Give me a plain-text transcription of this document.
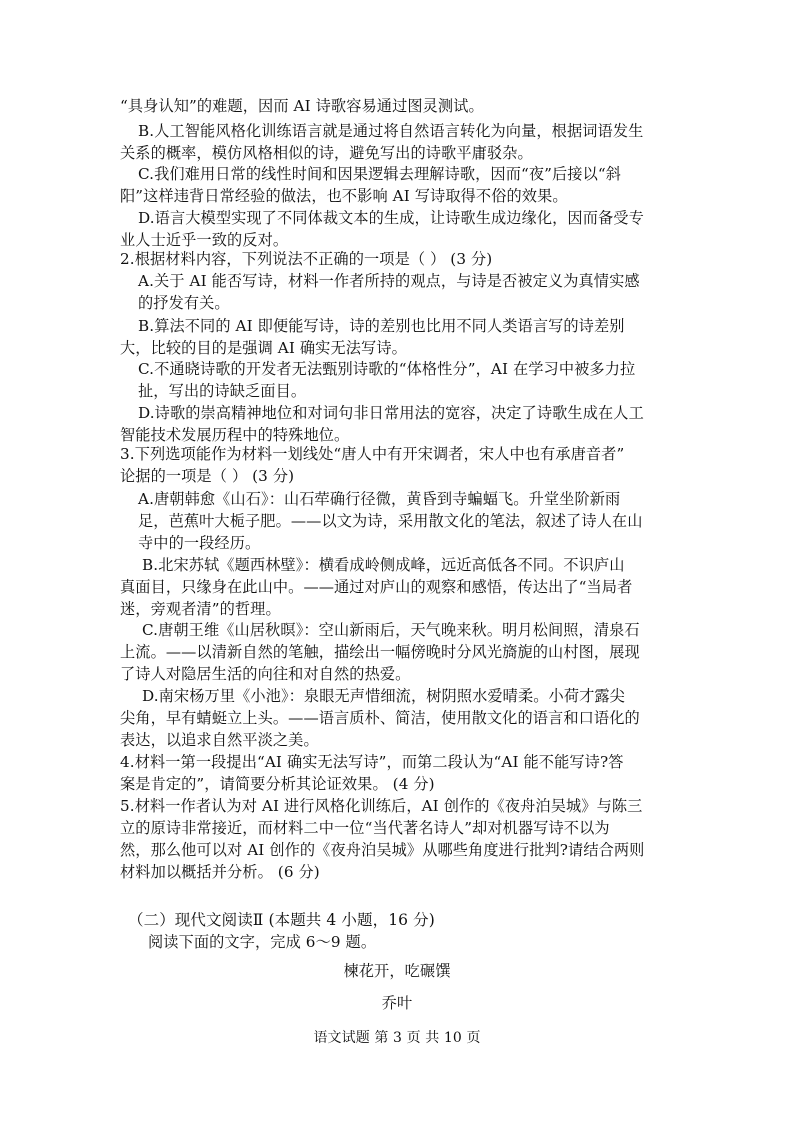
“具身认知”的难题，因而 AI 诗歌容易通过图灵测试。

B.人工智能风格化训练语言就是通过将自然语言转化为向量，根据词语发生

关系的概率，模仿风格相似的诗，避免写出的诗歌平庸驳杂。

C.我们难用日常的线性时间和因果逻辑去理解诗歌，因而“夜”后接以“斜

阳”这样违背日常经验的做法，也不影响 AI 写诗取得不俗的效果。

D.语言大模型实现了不同体裁文本的生成，让诗歌生成边缘化，因而备受专

业人士近乎一致的反对。

2.根据材料内容，下列说法不正确的一项是（ ） (3 分)

A.关于 AI 能否写诗，材料一作者所持的观点，与诗是否被定义为真情实感

的抒发有关。

B.算法不同的 AI 即便能写诗，诗的差别也比用不同人类语言写的诗差别

大，比较的目的是强调 AI 确实无法写诗。

C.不通晓诗歌的开发者无法甄别诗歌的“体格性分”，AI 在学习中被多力拉

扯，写出的诗缺乏面目。

D.诗歌的崇高精神地位和对词句非日常用法的宽容，决定了诗歌生成在人工

智能技术发展历程中的特殊地位。

3.下列选项能作为材料一划线处“唐人中有开宋调者，宋人中也有承唐音者”

论据的一项是（ ） (3 分)

A.唐朝韩愈《山石》：山石荦确行径微，黄昏到寺蝙蝠飞。升堂坐阶新雨

足，芭蕉叶大栀子肥。——以文为诗，采用散文化的笔法，叙述了诗人在山

寺中的一段经历。

B.北宋苏轼《题西林壁》：横看成岭侧成峰，远近高低各不同。不识庐山

真面目，只缘身在此山中。——通过对庐山的观察和感悟，传达出了“当局者

迷，旁观者清”的哲理。

C.唐朝王维《山居秋暝》：空山新雨后，天气晚来秋。明月松间照，清泉石

上流。——以清新自然的笔触，描绘出一幅傍晚时分风光旖旎的山村图，展现

了诗人对隐居生活的向往和对自然的热爱。

D.南宋杨万里《小池》：泉眼无声惜细流，树阴照水爱晴柔。小荷才露尖

尖角，早有蜻蜓立上头。——语言质朴、简洁，使用散文化的语言和口语化的

表达，以追求自然平淡之美。

4.材料一第一段提出“AI 确实无法写诗”，而第二段认为“AI 能不能写诗?答

案是肯定的”，请简要分析其论证效果。 (4 分)

5.材料一作者认为对 AI 进行风格化训练后，AI 创作的《夜舟泊吴城》与陈三

立的原诗非常接近，而材料二中一位“当代著名诗人”却对机器写诗不以为

然，那么他可以对 AI 创作的《夜舟泊吴城》从哪些角度进行批判?请结合两则

材料加以概括并分析。 (6 分)

（二）现代文阅读Ⅱ (本题共 4 小题，16 分)

阅读下面的文字，完成 6～9 题。

楝花开，吃碾馔

乔叶

语文试题 第 3 页 共 10 页
